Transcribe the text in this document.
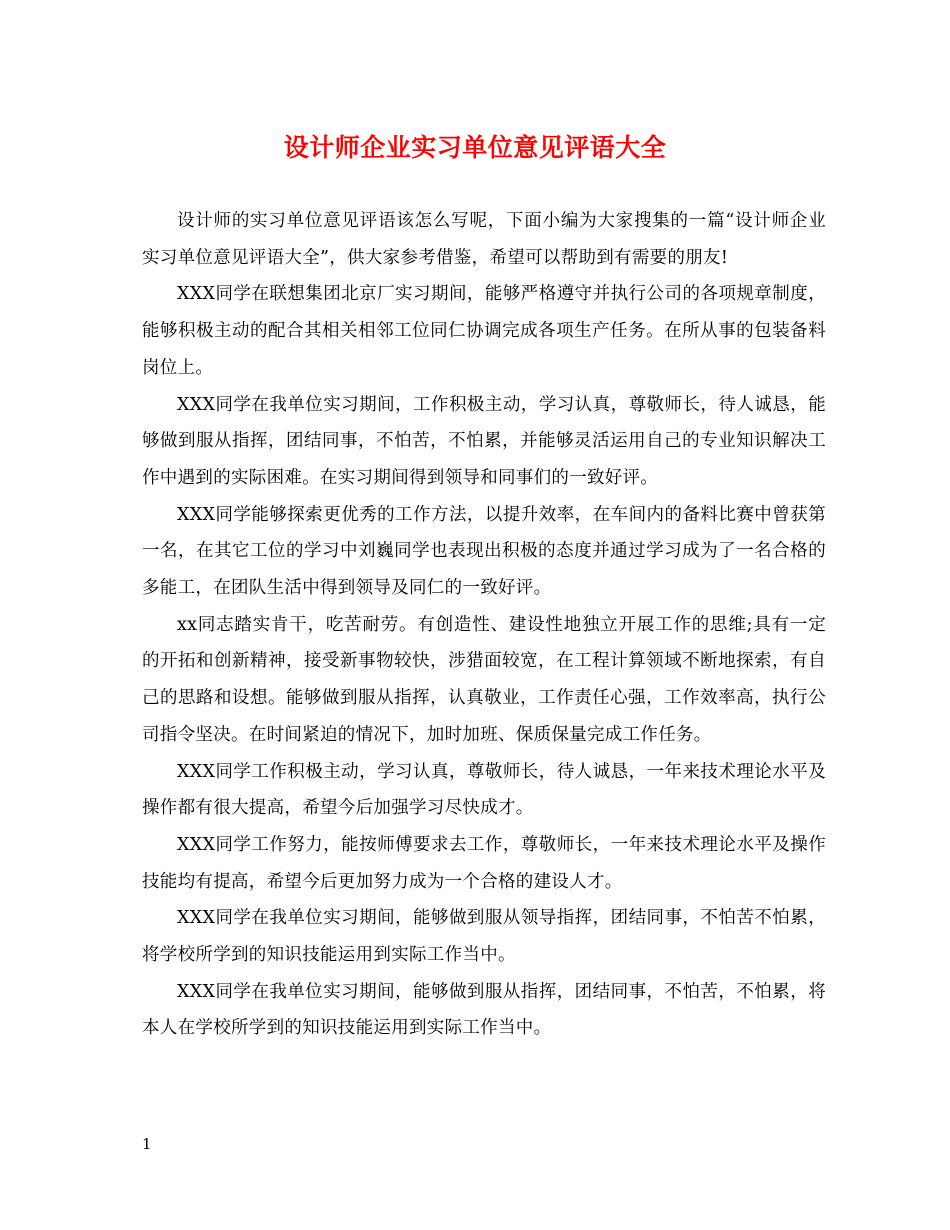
设计师企业实习单位意见评语大全

设计师的实习单位意见评语该怎么写呢，下面小编为大家搜集的一篇“设计师企业实习单位意见评语大全”，供大家参考借鉴，希望可以帮助到有需要的朋友!

XXX同学在联想集团北京厂实习期间，能够严格遵守并执行公司的各项规章制度，能够积极主动的配合其相关相邻工位同仁协调完成各项生产任务。在所从事的包装备料岗位上。

XXX同学在我单位实习期间，工作积极主动，学习认真，尊敬师长，待人诚恳，能够做到服从指挥，团结同事，不怕苦，不怕累，并能够灵活运用自己的专业知识解决工作中遇到的实际困难。在实习期间得到领导和同事们的一致好评。

XXX同学能够探索更优秀的工作方法，以提升效率，在车间内的备料比赛中曾获第一名，在其它工位的学习中刘巍同学也表现出积极的态度并通过学习成为了一名合格的多能工，在团队生活中得到领导及同仁的一致好评。

xx同志踏实肯干，吃苦耐劳。有创造性、建设性地独立开展工作的思维;具有一定的开拓和创新精神，接受新事物较快，涉猎面较宽，在工程计算领域不断地探索，有自己的思路和设想。能够做到服从指挥，认真敬业，工作责任心强，工作效率高，执行公司指令坚决。在时间紧迫的情况下，加时加班、保质保量完成工作任务。

XXX同学工作积极主动，学习认真，尊敬师长，待人诚恳，一年来技术理论水平及操作都有很大提高，希望今后加强学习尽快成才。

XXX同学工作努力，能按师傅要求去工作，尊敬师长，一年来技术理论水平及操作技能均有提高，希望今后更加努力成为一个合格的建设人才。

XXX同学在我单位实习期间，能够做到服从领导指挥，团结同事，不怕苦不怕累，将学校所学到的知识技能运用到实际工作当中。

XXX同学在我单位实习期间，能够做到服从指挥，团结同事，不怕苦，不怕累，将本人在学校所学到的知识技能运用到实际工作当中。

1
